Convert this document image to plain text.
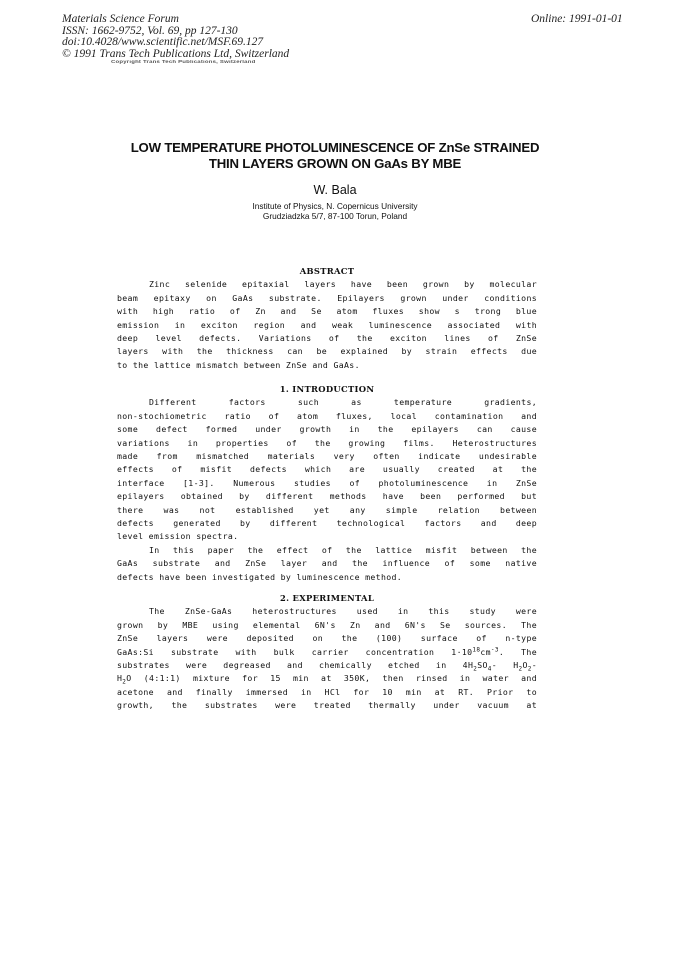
Materials Science Forum
ISSN: 1662-9752, Vol. 69, pp 127-130
doi:10.4028/www.scientific.net/MSF.69.127
© 1991 Trans Tech Publications Ltd, Switzerland
Online: 1991-01-01
Copyright Trans Tech Publications, Switzerland
LOW TEMPERATURE PHOTOLUMINESCENCE OF ZnSe STRAINED
THIN LAYERS GROWN ON GaAs BY MBE
W. Bala
Institute of Physics, N. Copernicus University
Grudziadzka 5/7, 87-100 Torun, Poland
ABSTRACT
Zinc selenide epitaxial layers have been grown by molecular
beam epitaxy on GaAs substrate. Epilayers grown under conditions
with high ratio of Zn and Se atom fluxes show s trong blue
emission in exciton region and weak luminescence associated with
deep level defects. Variations of the exciton lines of ZnSe
layers with the thickness can be explained by strain effects due
to the lattice mismatch between ZnSe and GaAs.
1. INTRODUCTION
Different factors such as temperature gradients,
non-stochiometric ratio of atom fluxes, local contamination and
some defect formed under growth in the epilayers can cause
variations in properties of the growing films. Heterostructures
made from mismatched materials very often indicate undesirable
effects of misfit defects which are usually created at the
interface [1-3]. Numerous studies of photoluminescence in ZnSe
epilayers obtained by different methods have been performed but
there was not established yet any simple relation between
defects generated by different technological factors and deep
level emission spectra.
In this paper the effect of the lattice misfit between the
GaAs substrate and ZnSe layer and the influence of some native
defects have been investigated by luminescence method.
2. EXPERIMENTAL
The ZnSe-GaAs heterostructures used in this study were
grown by MBE using elemental 6N's Zn and 6N's Se sources. The
ZnSe layers were deposited on the (100) surface of n-type
GaAs:Si substrate with bulk carrier concentration $1\cdot 10^{18}cm^{-3}$. The
substrates were degreased and chemically etched in $4H_2SO_4-$ $H_2O_2-$
$H_2O$ (4:1:1) mixture for 15 min at 350K, then rinsed in water and
acetone and finally immersed in HCl for 10 min at RT. Prior to
growth, the substrates were treated thermally under vacuum at
